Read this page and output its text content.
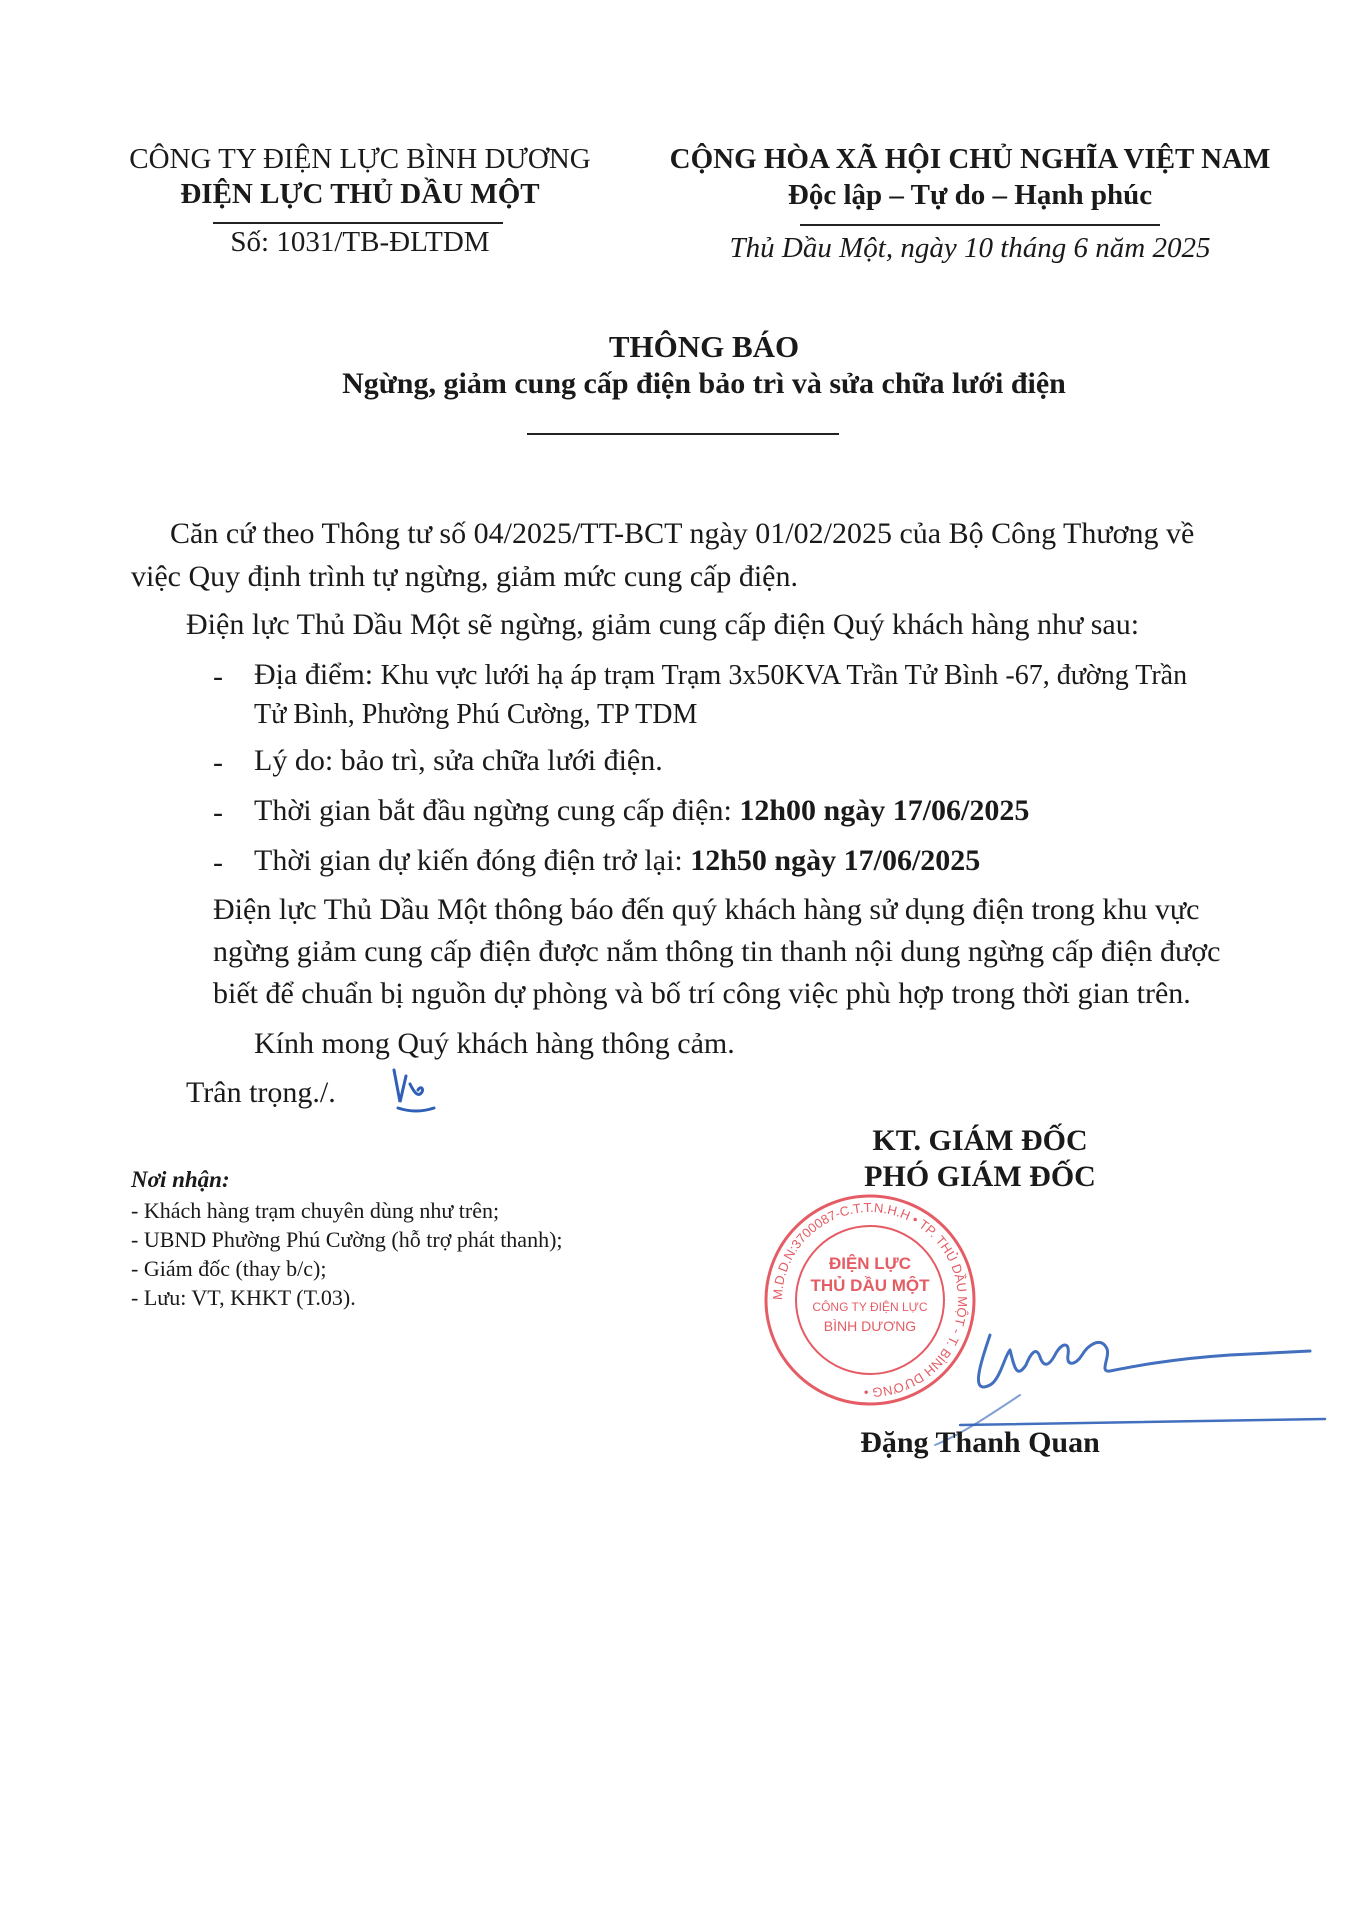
CÔNG TY ĐIỆN LỰC BÌNH DƯƠNG
ĐIỆN LỰC THỦ DẦU MỘT
Số: 1031/TB-ĐLTDM
CỘNG HÒA XÃ HỘI CHỦ NGHĨA VIỆT NAM
Độc lập – Tự do – Hạnh phúc
Thủ Dầu Một, ngày 10 tháng 6 năm 2025
THÔNG BÁO
Ngừng, giảm cung cấp điện bảo trì và sửa chữa lưới điện
Căn cứ theo Thông tư số 04/2025/TT-BCT ngày 01/02/2025 của Bộ Công Thương về
việc Quy định trình tự ngừng, giảm mức cung cấp điện.
Điện lực Thủ Dầu Một sẽ ngừng, giảm cung cấp điện Quý khách hàng như sau:
- Địa điểm: Khu vực lưới hạ áp trạm Trạm 3x50KVA Trần Tử Bình -67, đường Trần
Tử Bình, Phường Phú Cường, TP TDM
- Lý do: bảo trì, sửa chữa lưới điện.
- Thời gian bắt đầu ngừng cung cấp điện: 12h00 ngày 17/06/2025
- Thời gian dự kiến đóng điện trở lại: 12h50 ngày 17/06/2025
Điện lực Thủ Dầu Một thông báo đến quý khách hàng sử dụng điện trong khu vực
ngừng giảm cung cấp điện được nắm thông tin thanh nội dung ngừng cấp điện được
biết để chuẩn bị nguồn dự phòng và bố trí công việc phù hợp trong thời gian trên.
Kính mong Quý khách hàng thông cảm.
Trân trọng./.
KT. GIÁM ĐỐC
PHÓ GIÁM ĐỐC
M.D.D.N:3700087-C.T.T.N.H.H • TP. THỦ DẦU MỘT - T. BÌNH DƯƠNG •
ĐIỆN LỰC
THỦ DẦU MỘT
CÔNG TY ĐIỆN LỰC
BÌNH DƯƠNG
Đặng Thanh Quan
Nơi nhận:
- Khách hàng trạm chuyên dùng như trên;
- UBND Phường Phú Cường (hỗ trợ phát thanh);
- Giám đốc (thay b/c);
- Lưu: VT, KHKT (T.03).
